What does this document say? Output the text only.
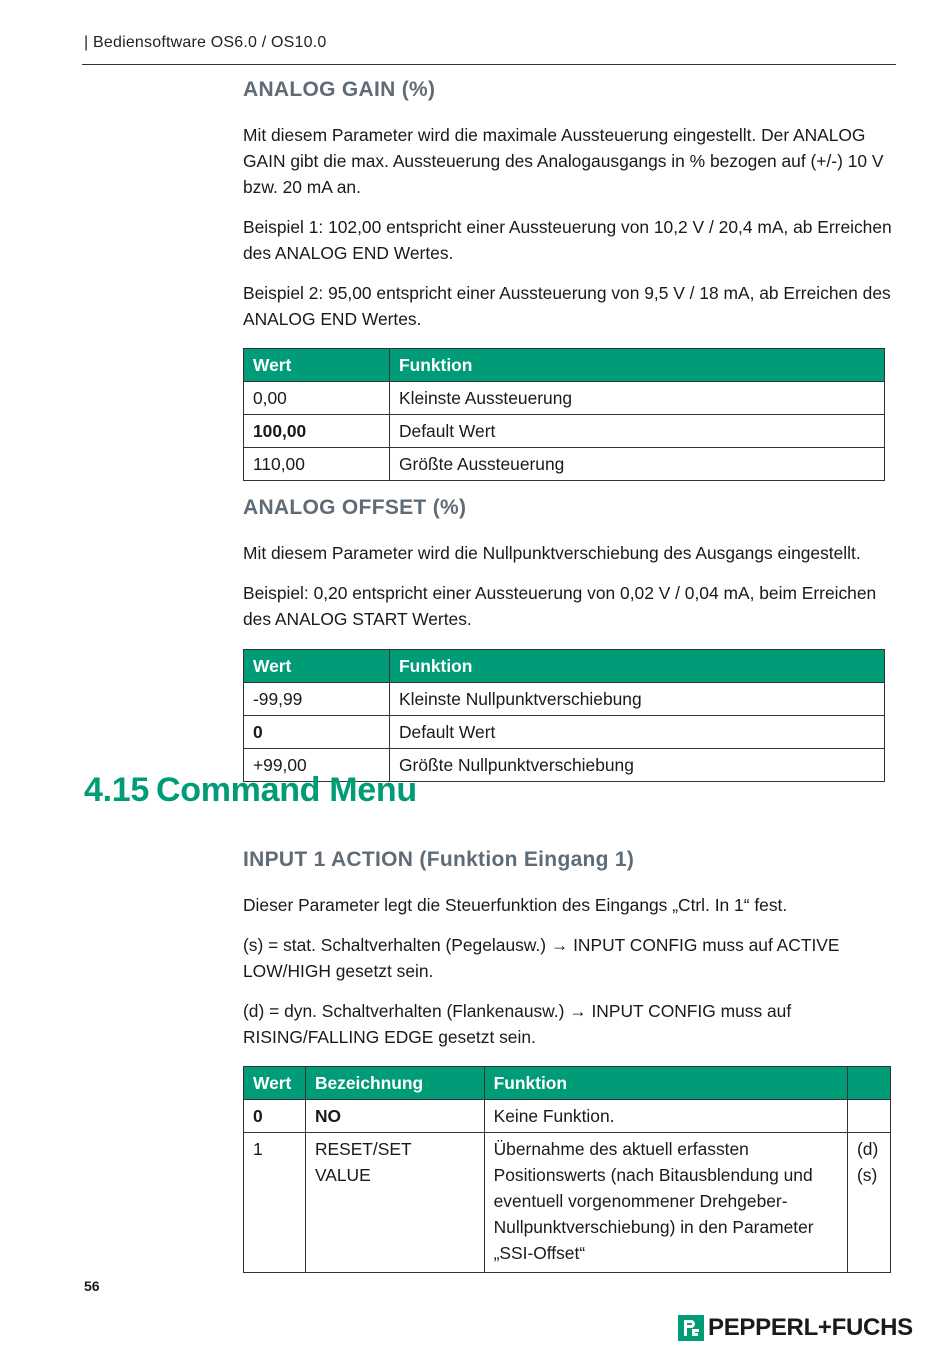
| Bediensoftware OS6.0 / OS10.0
ANALOG GAIN (%)

Mit diesem Parameter wird die maximale Aussteuerung eingestellt. Der ANALOG GAIN gibt die max. Aussteuerung des Analogausgangs in % bezogen auf (+/-) 10 V bzw. 20 mA an.

Beispiel 1: 102,00 entspricht einer Aussteuerung von 10,2 V / 20,4 mA, ab Erreichen des ANALOG END Wertes.

Beispiel 2: 95,00 entspricht einer Aussteuerung von 9,5 V / 18 mA, ab Erreichen des ANALOG END Wertes.

Wert	Funktion
0,00	Kleinste Aussteuerung
100,00	Default Wert
110,00	Größte Aussteuerung
ANALOG OFFSET (%)

Mit diesem Parameter wird die Nullpunktverschiebung des Ausgangs eingestellt.

Beispiel: 0,20 entspricht einer Aussteuerung von 0,02 V / 0,04 mA, beim Erreichen des ANALOG START Wertes.

Wert	Funktion
-99,99	Kleinste Nullpunktverschiebung
0	Default Wert
+99,00	Größte Nullpunktverschiebung
4.15 Command Menu
INPUT 1 ACTION (Funktion Eingang 1)

Dieser Parameter legt die Steuerfunktion des Eingangs „Ctrl. In 1“ fest.

(s) = stat. Schaltverhalten (Pegelausw.) → INPUT CONFIG muss auf ACTIVE LOW/HIGH gesetzt sein.

(d) = dyn. Schaltverhalten (Flankenausw.) → INPUT CONFIG muss auf RISING/FALLING EDGE gesetzt sein.

Wert	Bezeichnung	Funktion	
0	NO	Keine Funktion.	
1	RESET/SET VALUE	Übernahme des aktuell erfassten Positionswerts (nach Bitausblendung und eventuell vorgenommener Drehgeber-Nullpunktverschiebung) in den Parameter „SSI-Offset“	(d) (s)
56
PEPPERL+FUCHS
